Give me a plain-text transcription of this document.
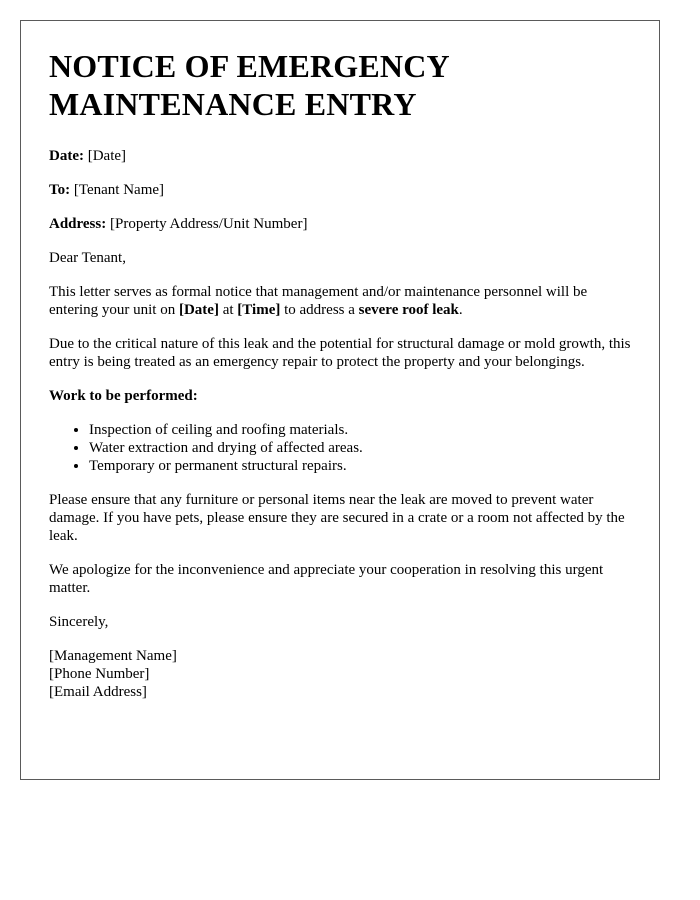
NOTICE OF EMERGENCY MAINTENANCE ENTRY

Date: [Date]

To: [Tenant Name]

Address: [Property Address/Unit Number]

Dear Tenant,

This letter serves as formal notice that management and/or maintenance personnel will be entering your unit on [Date] at [Time] to address a severe roof leak.

Due to the critical nature of this leak and the potential for structural damage or mold growth, this entry is being treated as an emergency repair to protect the property and your belongings.

Work to be performed:

• Inspection of ceiling and roofing materials.
• Water extraction and drying of affected areas.
• Temporary or permanent structural repairs.

Please ensure that any furniture or personal items near the leak are moved to prevent water damage. If you have pets, please ensure they are secured in a crate or a room not affected by the leak.

We apologize for the inconvenience and appreciate your cooperation in resolving this urgent matter.

Sincerely,

[Management Name]
[Phone Number]
[Email Address]
